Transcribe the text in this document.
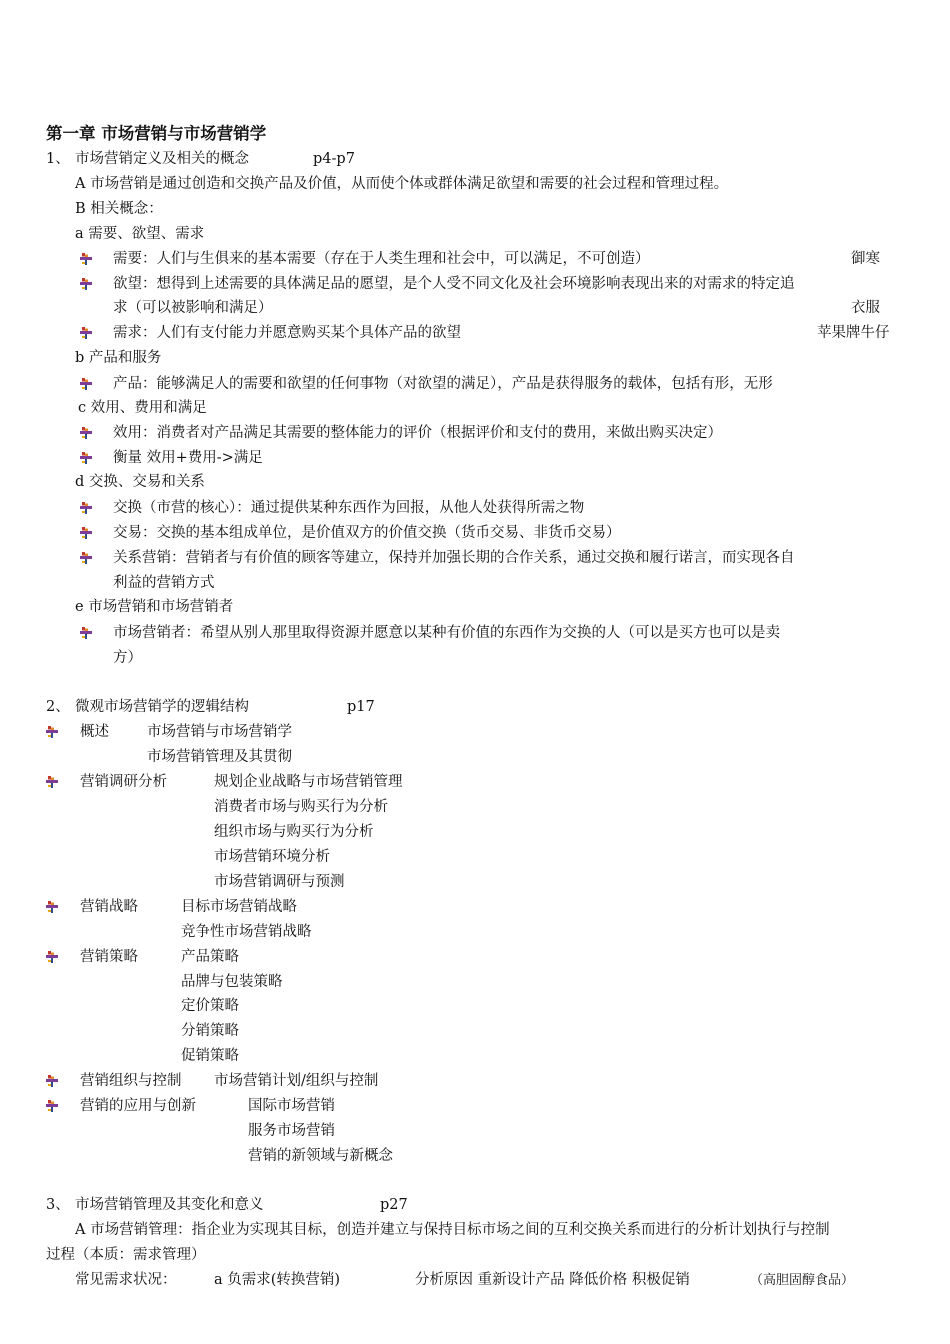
第一章 市场营销与市场营销学
1、 市场营销定义及相关的概念	p4-p7
A 市场营销是通过创造和交换产品及价值，从而使个体或群体满足欲望和需要的社会过程和管理过程。
B 相关概念：
a 需要、欲望、需求
需要：人们与生俱来的基本需要（存在于人类生理和社会中，可以满足，不可创造）	御寒
欲望：想得到上述需要的具体满足品的愿望，是个人受不同文化及社会环境影响表现出来的对需求的特定追
求（可以被影响和满足）	衣服
需求：人们有支付能力并愿意购买某个具体产品的欲望	苹果牌牛仔
b 产品和服务
产品：能够满足人的需要和欲望的任何事物（对欲望的满足），产品是获得服务的载体，包括有形，无形
c 效用、费用和满足
效用：消费者对产品满足其需要的整体能力的评价（根据评价和支付的费用，来做出购买决定）
衡量 效用+费用->满足
d 交换、交易和关系
交换（市营的核心）：通过提供某种东西作为回报，从他人处获得所需之物
交易：交换的基本组成单位，是价值双方的价值交换（货币交易、非货币交易）
关系营销：营销者与有价值的顾客等建立，保持并加强长期的合作关系，通过交换和履行诺言，而实现各自
利益的营销方式
e 市场营销和市场营销者
市场营销者：希望从别人那里取得资源并愿意以某种有价值的东西作为交换的人（可以是买方也可以是卖
方）
2、 微观市场营销学的逻辑结构	p17
概述	市场营销与市场营销学
市场营销管理及其贯彻
营销调研分析	规划企业战略与市场营销管理
消费者市场与购买行为分析
组织市场与购买行为分析
市场营销环境分析
市场营销调研与预测
营销战略	目标市场营销战略
竞争性市场营销战略
营销策略	产品策略
品牌与包装策略
定价策略
分销策略
促销策略
营销组织与控制 市场营销计划/组织与控制
营销的应用与创新	国际市场营销
服务市场营销
营销的新领域与新概念
3、 市场营销管理及其变化和意义	p27
A 市场营销管理：指企业为实现其目标，创造并建立与保持目标市场之间的互利交换关系而进行的分析计划执行与控制
过程（本质：需求管理）
常见需求状况：	a 负需求(转换营销)	分析原因 重新设计产品 降低价格 积极促销	（高胆固醇食品）
